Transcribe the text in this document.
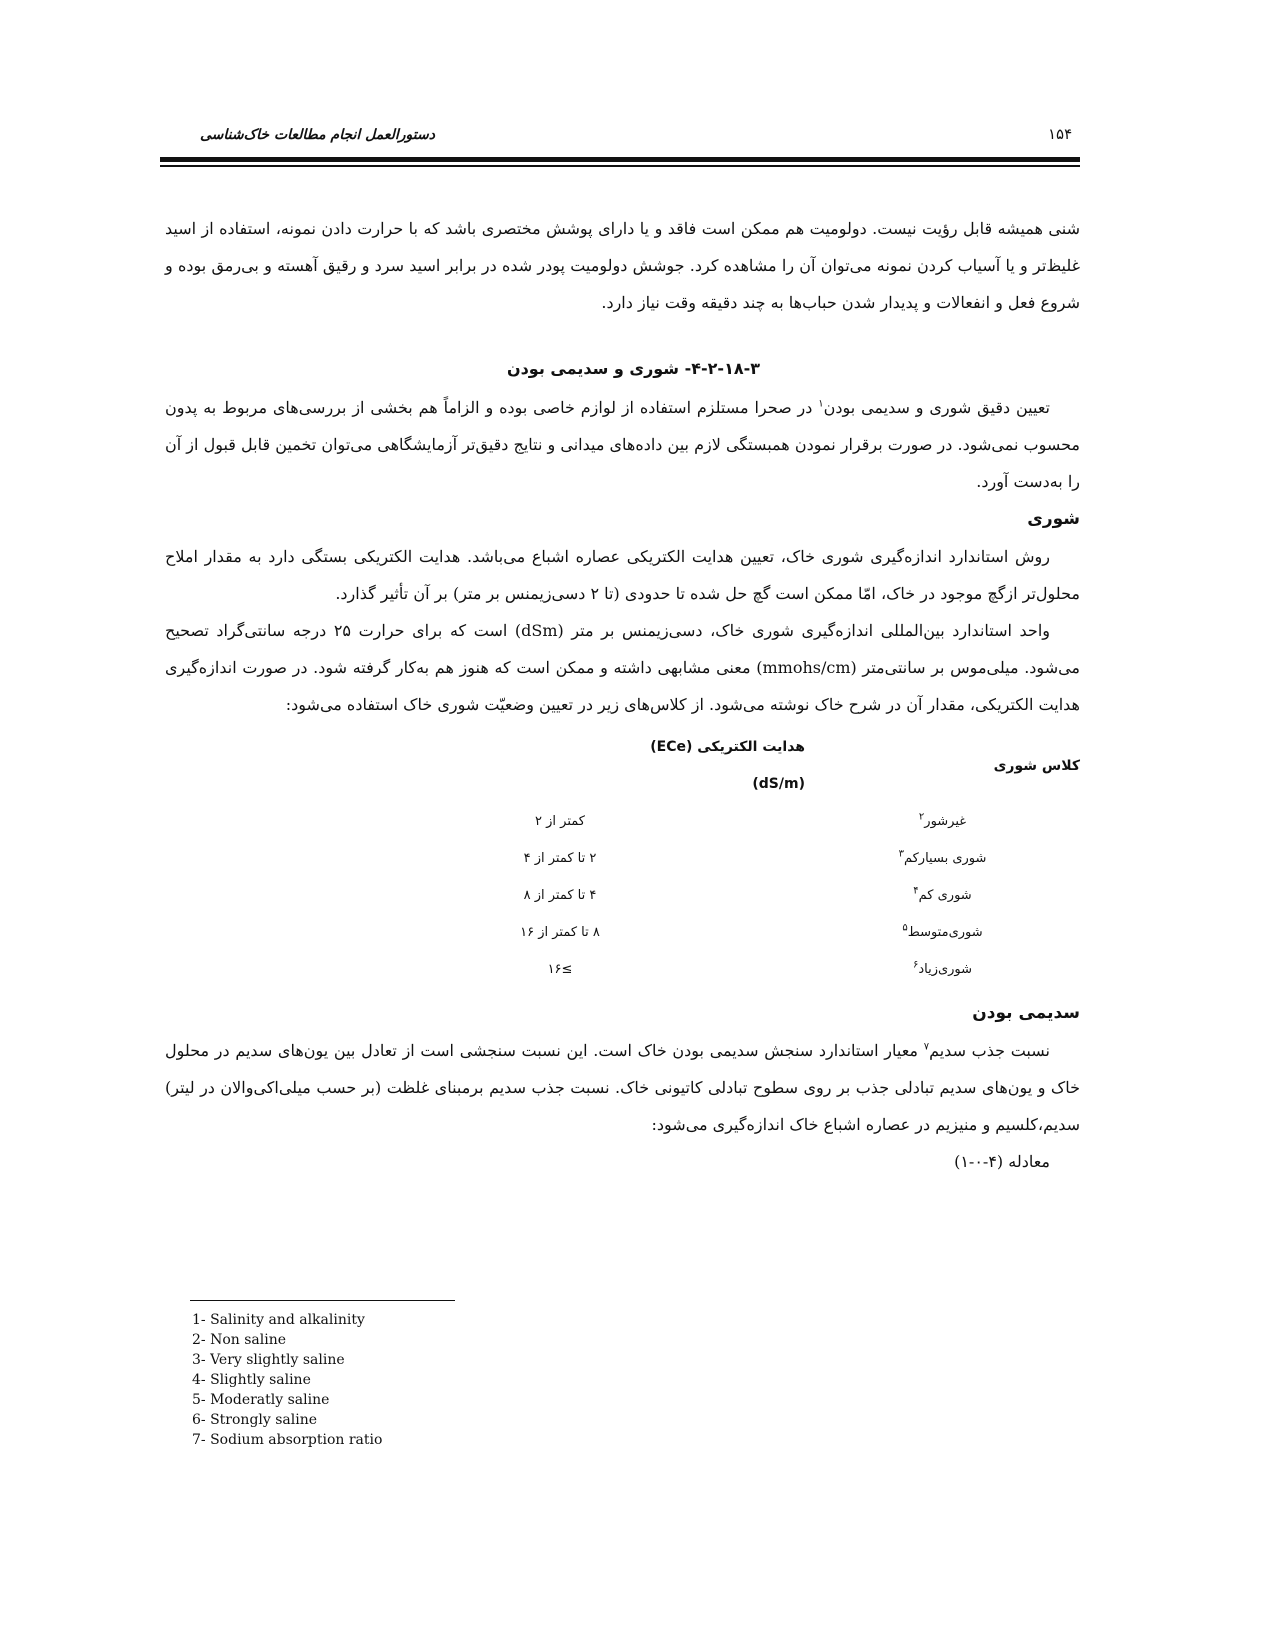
دستورالعمل انجام مطالعات خاک‌شناسی	۱۵۴

شنی همیشه قابل رؤیت نیست. دولومیت هم ممکن است فاقد و یا دارای پوشش مختصری باشد که با حرارت دادن نمونه، استفاده از اسید غلیظ‌تر و یا آسیاب کردن نمونه می‌توان آن را مشاهده کرد. جوشش دولومیت پودر شده در برابر اسید سرد و رقیق آهسته و بی‌رمق بوده و شروع فعل و انفعالات و پدیدار شدن حباب‌ها به چند دقیقه وقت نیاز دارد.

۴-۲-۱۸-۳- شوری و سدیمی بودن

تعیین دقیق شوری و سدیمی بودن$^۱$ در صحرا مستلزم استفاده از لوازم خاصی بوده و الزاماً هم بخشی از بررسی‌های مربوط به پدون محسوب نمی‌شود. در صورت برقرار نمودن همبستگی لازم بین داده‌های میدانی و نتایج دقیق‌تر آزمایشگاهی می‌توان تخمین قابل قبول از آن را به‌دست آورد.

شوری

روش استاندارد اندازه‌گیری شوری خاک، تعیین هدایت الکتریکی عصاره اشباع می‌باشد. هدایت الکتریکی بستگی دارد به مقدار املاح محلول‌تر ازگچ موجود در خاک، امّا ممکن است گچ حل شده تا حدودی (تا ۲ دسی‌زیمنس بر متر) بر آن تأثیر گذارد.

واحد استاندارد بین‌المللی اندازه‌گیری شوری خاک، دسی‌زیمنس بر متر (dSm) است که برای حرارت ۲۵ درجه سانتی‌گراد تصحیح می‌شود. میلی‌موس بر سانتی‌متر (mmohs/cm) معنی مشابهی داشته و ممکن است که هنوز هم به‌کار گرفته شود. در صورت اندازه‌گیری هدایت الکتریکی، مقدار آن در شرح خاک نوشته می‌شود. از کلاس‌های زیر در تعیین وضعیّت شوری خاک استفاده می‌شود:

کلاس شوری	هدایت الکتریکی (ECe)
(dS/m)

غیرشور$^۲$	کمتر از ۲
شوری بسیارکم$^۳$	۲ تا کمتر از ۴
شوری کم$^۴$	۴ تا کمتر از ۸
شوری‌متوسط$^۵$	۸ تا کمتر از ۱۶
شوری‌زیاد$^۶$	≥۱۶
سدیمی بودن

نسبت جذب سدیم$^۷$ معیار استاندارد سنجش سدیمی بودن خاک است. این نسبت سنجشی است از تعادل بین یون‌های سدیم در محلول خاک و یون‌های سدیم تبادلی جذب بر روی سطوح تبادلی کاتیونی خاک. نسبت جذب سدیم برمبنای غلظت (بر حسب میلی‌اکی‌والان در لیتر) سدیم،کلسیم و منیزیم در عصاره اشباع خاک اندازه‌گیری می‌شود:

معادله (۴-۰-۱)

1- Salinity and alkalinity
2- Non saline
3- Very slightly saline
4- Slightly saline
5- Moderatly saline
6- Strongly saline
7- Sodium absorption ratio
